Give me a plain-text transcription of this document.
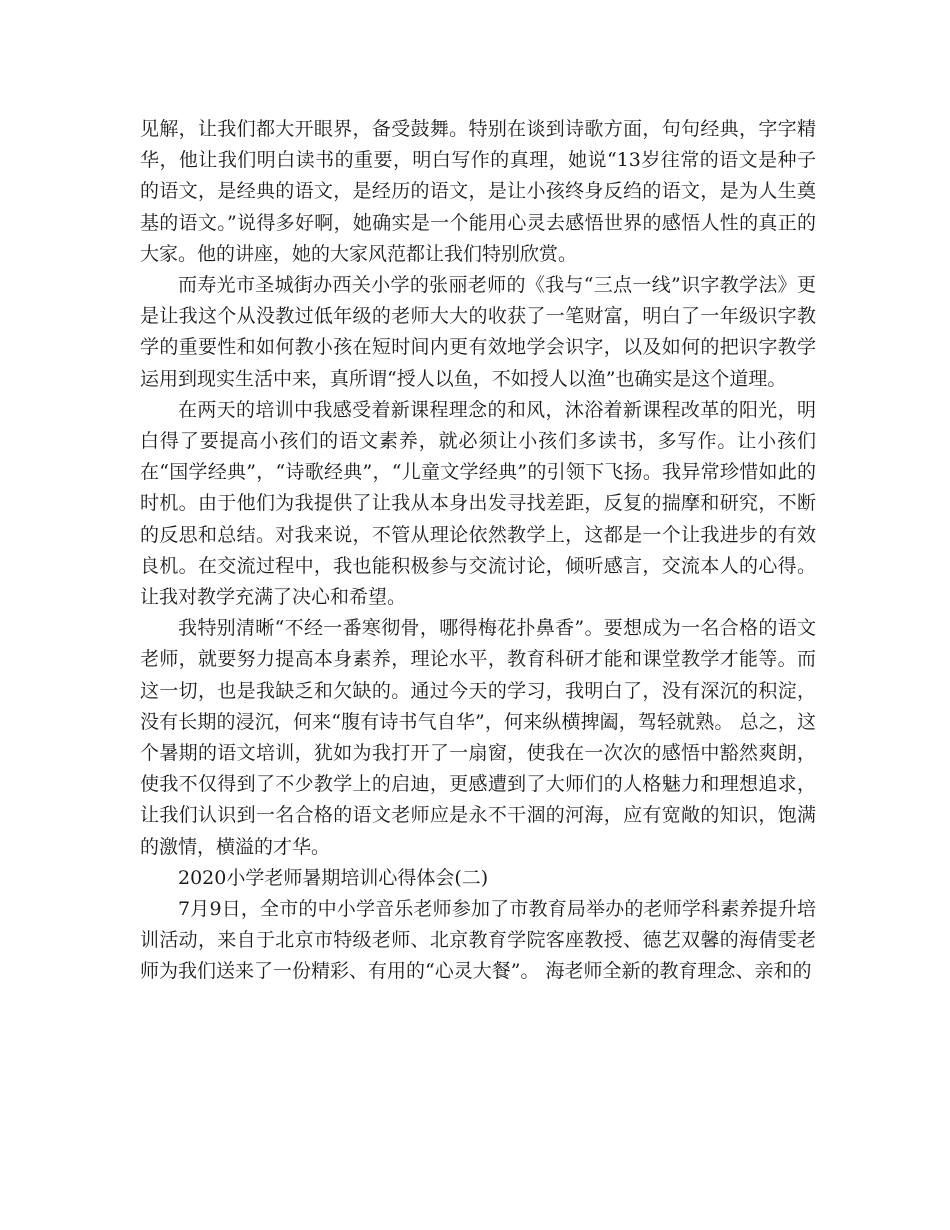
见解，让我们都大开眼界，备受鼓舞。特别在谈到诗歌方面，句句经典，字字精华，他让我们明白读书的重要，明白写作的真理，她说“13岁往常的语文是种子的语文，是经典的语文，是经历的语文，是让小孩终身反绉的语文，是为人生奠基的语文。”说得多好啊，她确实是一个能用心灵去感悟世界的感悟人性的真正的大家。他的讲座，她的大家风范都让我们特别欣赏。

而寿光市圣城街办西关小学的张丽老师的《我与“三点一线”识字教学法》更是让我这个从没教过低年级的老师大大的收获了一笔财富，明白了一年级识字教学的重要性和如何教小孩在短时间内更有效地学会识字，以及如何的把识字教学运用到现实生活中来，真所谓“授人以鱼，不如授人以渔”也确实是这个道理。

在两天的培训中我感受着新课程理念的和风，沐浴着新课程改革的阳光，明白得了要提高小孩们的语文素养，就必须让小孩们多读书，多写作。让小孩们在“国学经典”，“诗歌经典”，“儿童文学经典”的引领下飞扬。我异常珍惜如此的时机。由于他们为我提供了让我从本身出发寻找差距，反复的揣摩和研究，不断的反思和总结。对我来说，不管从理论依然教学上，这都是一个让我进步的有效良机。在交流过程中，我也能积极参与交流讨论，倾听感言，交流本人的心得。让我对教学充满了决心和希望。

我特别清晰“不经一番寒彻骨，哪得梅花扑鼻香”。要想成为一名合格的语文老师，就要努力提高本身素养，理论水平，教育科研才能和课堂教学才能等。而这一切，也是我缺乏和欠缺的。通过今天的学习，我明白了，没有深沉的积淀，没有长期的浸沉，何来“腹有诗书气自华”，何来纵横捭阖，驾轻就熟。 总之，这个暑期的语文培训，犹如为我打开了一扇窗，使我在一次次的感悟中豁然爽朗，使我不仅得到了不少教学上的启迪，更感遭到了大师们的人格魅力和理想追求，让我们认识到一名合格的语文老师应是永不干涸的河海，应有宽敞的知识，饱满的激情，横溢的才华。

2020小学老师暑期培训心得体会(二)

7月9日，全市的中小学音乐老师参加了市教育局举办的老师学科素养提升培训活动，来自于北京市特级老师、北京教育学院客座教授、德艺双馨的海倩雯老师为我们送来了一份精彩、有用的“心灵大餐”。 海老师全新的教育理念、亲和的
